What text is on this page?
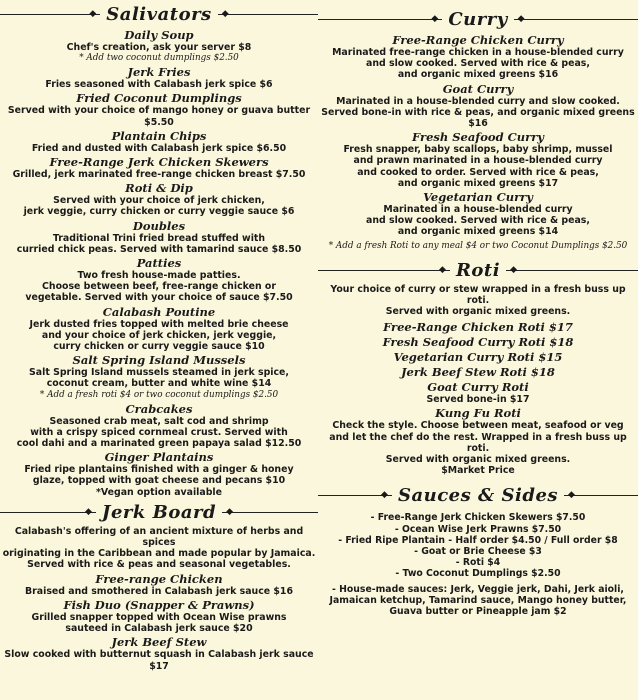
◆
Salivators
◆
Daily Soup
Chef's creation, ask your server $8
* Add two coconut dumplings $2.50
Jerk Fries
Fries seasoned with Calabash jerk spice $6
Fried Coconut Dumplings
Served with your choice of mango honey or guava butter $5.50
Plantain Chips
Fried and dusted with Calabash jerk spice $6.50
Free-Range Jerk Chicken Skewers
Grilled, jerk marinated free-range chicken breast $7.50
Roti & Dip
Served with your choice of jerk chicken,
jerk veggie, curry chicken or curry veggie sauce $6
Doubles
Traditional Trini fried bread stuffed with
curried chick peas. Served with tamarind sauce $8.50
Patties
Two fresh house-made patties.
Choose between beef, free-range chicken or
vegetable. Served with your choice of sauce $7.50
Calabash Poutine
Jerk dusted fries topped with melted brie cheese
and your choice of jerk chicken, jerk veggie,
curry chicken or curry veggie sauce $10
Salt Spring Island Mussels
Salt Spring Island mussels steamed in jerk spice,
coconut cream, butter and white wine $14
* Add a fresh roti $4 or two coconut dumplings $2.50
Crabcakes
Seasoned crab meat, salt cod and shrimp
with a crispy spiced cornmeal crust. Served with
cool dahi and a marinated green papaya salad $12.50
Ginger Plantains
Fried ripe plantains finished with a ginger & honey
glaze, topped with goat cheese and pecans $10
*Vegan option available
◆
Jerk Board
◆
Calabash's offering of an ancient mixture of herbs and spices
originating in the Caribbean and made popular by Jamaica.
Served with rice & peas and seasonal vegetables.
Free-range Chicken
Braised and smothered in Calabash jerk sauce $16
Fish Duo (Snapper & Prawns)
Grilled snapper topped with Ocean Wise prawns
sauteed in Calabash jerk sauce $20
Jerk Beef Stew
Slow cooked with butternut squash in Calabash jerk sauce $17
◆
Curry
◆
Free-Range Chicken Curry
Marinated free-range chicken in a house-blended curry
and slow cooked. Served with rice & peas,
and organic mixed greens $16
Goat Curry
Marinated in a house-blended curry and slow cooked.
Served bone-in with rice & peas, and organic mixed greens $16
Fresh Seafood Curry
Fresh snapper, baby scallops, baby shrimp, mussel
and prawn marinated in a house-blended curry
and cooked to order. Served with rice & peas,
and organic mixed greens $17
Vegetarian Curry
Marinated in a house-blended curry
and slow cooked. Served with rice & peas,
and organic mixed greens $14
* Add a fresh Roti to any meal $4 or two Coconut Dumplings $2.50
◆
Roti
◆
Your choice of curry or stew wrapped in a fresh buss up roti.
Served with organic mixed greens.
Free-Range Chicken Roti $17
Fresh Seafood Curry Roti $18
Vegetarian Curry Roti $15
Jerk Beef Stew Roti $18
Goat Curry Roti
Served bone-in $17
Kung Fu Roti
Check the style. Choose between meat, seafood or veg
and let the chef do the rest. Wrapped in a fresh buss up roti.
Served with organic mixed greens.
$Market Price
◆
Sauces & Sides
◆
- Free-Range Jerk Chicken Skewers $7.50
- Ocean Wise Jerk Prawns $7.50
- Fried Ripe Plantain - Half order $4.50 / Full order $8
- Goat or Brie Cheese $3
- Roti $4
- Two Coconut Dumplings $2.50
- House-made sauces: Jerk, Veggie jerk, Dahi, Jerk aioli,
Jamaican ketchup, Tamarind sauce, Mango honey butter,
Guava butter or Pineapple jam $2
